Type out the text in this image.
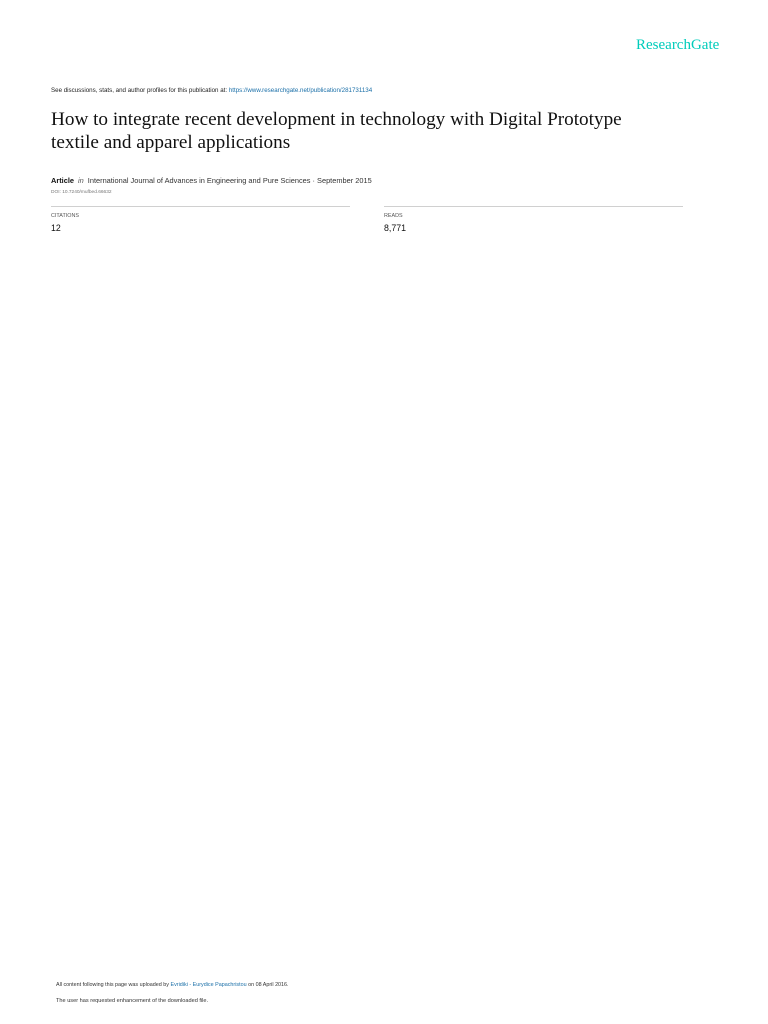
ResearchGate
See discussions, stats, and author profiles for this publication at: https://www.researchgate.net/publication/281731134
How to integrate recent development in technology with Digital Prototype
textile and apparel applications
Article in International Journal of Advances in Engineering and Pure Sciences · September 2015
DOI: 10.7240/mufbed.66632
CITATIONS
12
READS
8,771
All content following this page was uploaded by Evridiki - Eurydice Papachristou on 08 April 2016.
The user has requested enhancement of the downloaded file.
